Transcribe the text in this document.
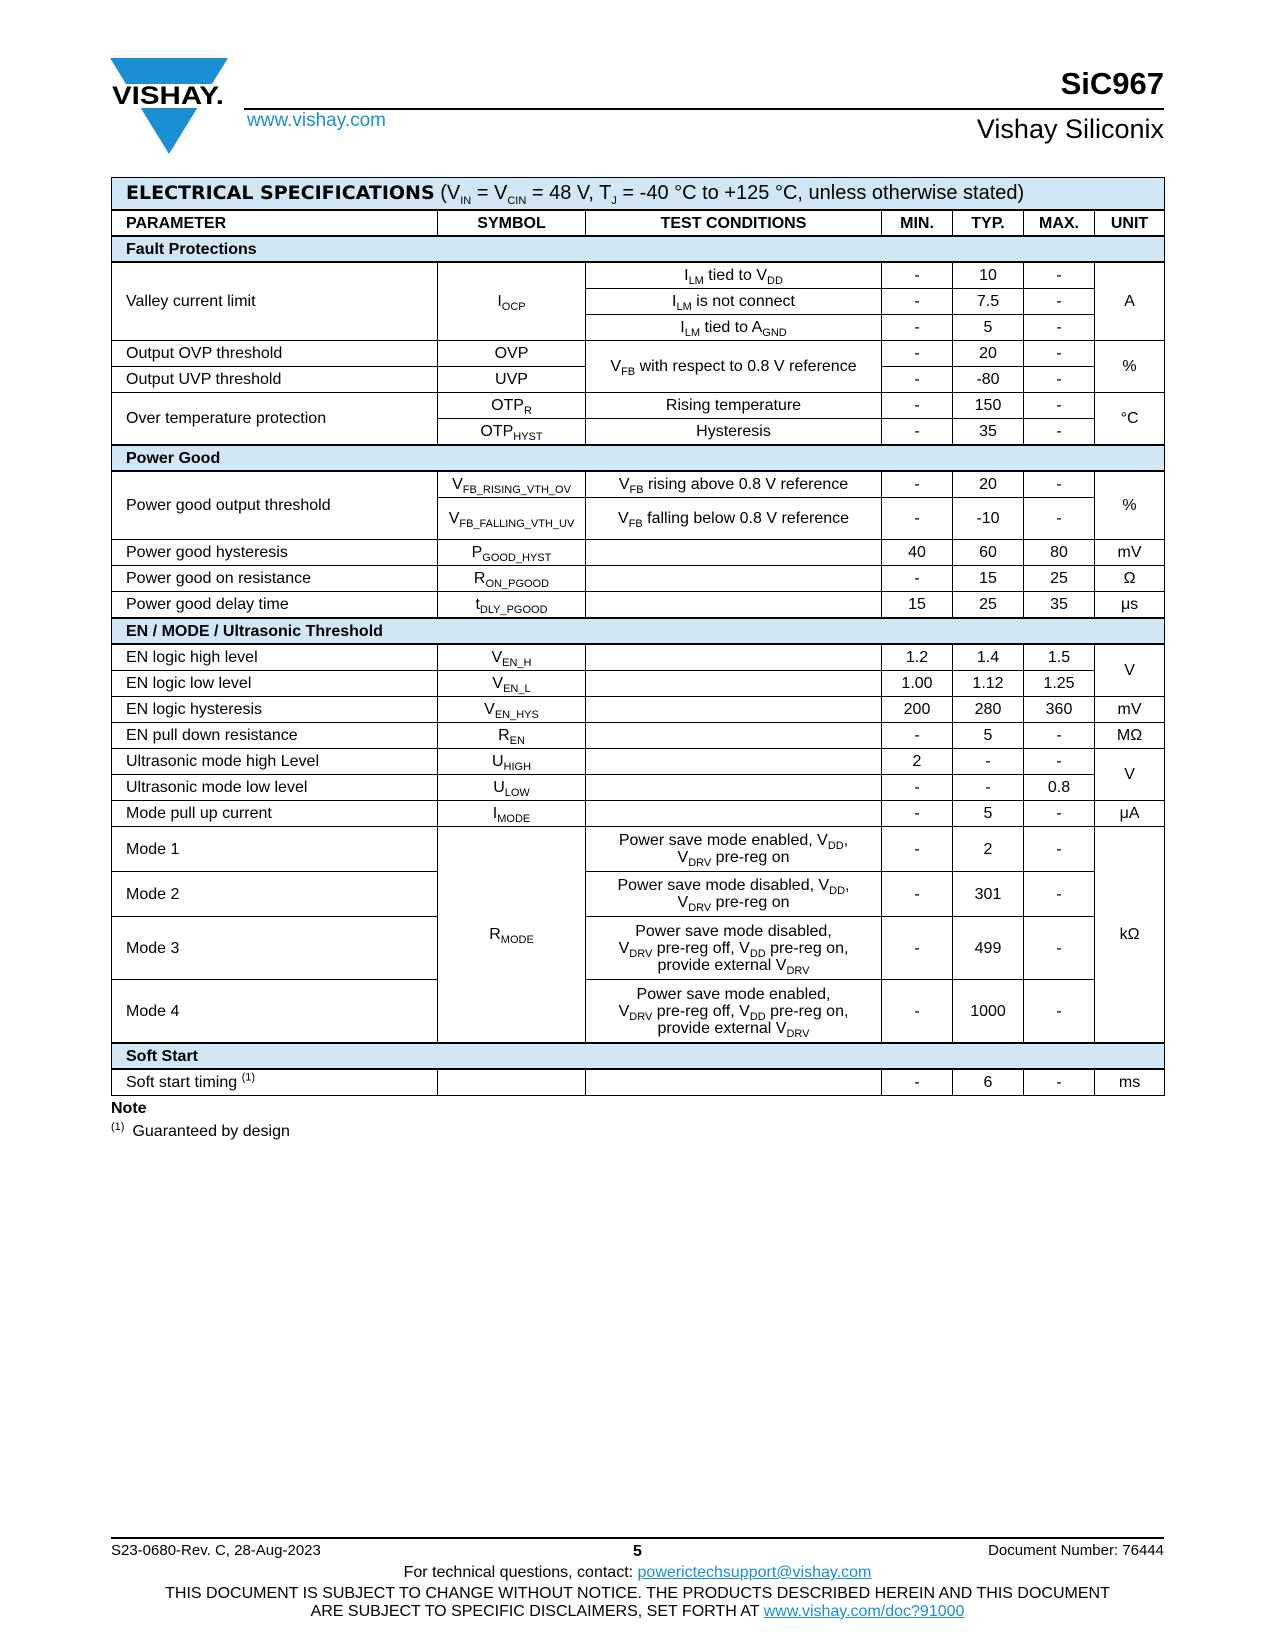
VISHAY.
www.vishay.com
SiC967
Vishay Siliconix
ELECTRICAL SPECIFICATIONS ($V_{IN} = V_{CIN} = 48$ V, $T_J = -40$ °C to +125 °C, unless otherwise stated)						
PARAMETER	SYMBOL	TEST CONDITIONS	MIN.	TYP.	MAX.	UNIT
Fault Protections						
Valley current limit	$I_{OCP}$	$I_{LM}$ tied to $V_{DD}$	-	10	-	A
		$I_{LM}$ is not connect	-	7.5	-	
		$I_{LM}$ tied to $A_{GND}$	-	5	-	
Output OVP threshold	OVP	$V_{FB}$ with respect to 0.8 V reference	-	20	-	%
Output UVP threshold	UVP		-	-80	-	
Over temperature protection	$OTP_R$	Rising temperature	-	150	-	°C
	$OTP_{HYST}$	Hysteresis	-	35	-	
Power Good						
Power good output threshold	$V_{FB\_RISING\_VTH\_OV}$	$V_{FB}$ rising above 0.8 V reference	-	20	-	%
	$V_{FB\_FALLING\_VTH\_UV}$	$V_{FB}$ falling below 0.8 V reference	-	-10	-	
Power good hysteresis	$P_{GOOD\_HYST}$		40	60	80	mV
Power good on resistance	$R_{ON\_PGOOD}$		-	15	25	Ω
Power good delay time	$t_{DLY\_PGOOD}$		15	25	35	μs
EN / MODE / Ultrasonic Threshold						
EN logic high level	$V_{EN\_H}$		1.2	1.4	1.5	V
EN logic low level	$V_{EN\_L}$		1.00	1.12	1.25	
EN logic hysteresis	$V_{EN\_HYS}$		200	280	360	mV
EN pull down resistance	$R_{EN}$		-	5	-	MΩ
Ultrasonic mode high Level	$U_{HIGH}$		2	-	-	V
Ultrasonic mode low level	$U_{LOW}$		-	-	0.8	
Mode pull up current	$I_{MODE}$		-	5	-	μA
Mode 1	$R_{MODE}$	Power save mode enabled, $V_{DD}$,
$V_{DRV}$ pre-reg on	-	2	-	kΩ
Mode 2		Power save mode disabled, $V_{DD}$,
$V_{DRV}$ pre-reg on	-	301	-	
Mode 3		Power save mode disabled,
$V_{DRV}$ pre-reg off, $V_{DD}$ pre-reg on,
provide external $V_{DRV}$	-	499	-	
Mode 4		Power save mode enabled,
$V_{DRV}$ pre-reg off, $V_{DD}$ pre-reg on,
provide external $V_{DRV}$	-	1000	-	
Soft Start						
Soft start timing $^{(1)}$			-	6	-	ms
Note
$^{(1)}$ Guaranteed by design
S23-0680-Rev. C, 28-Aug-2023	5	Document Number: 76444
For technical questions, contact: powerictechsupport@vishay.com
THIS DOCUMENT IS SUBJECT TO CHANGE WITHOUT NOTICE. THE PRODUCTS DESCRIBED HEREIN AND THIS DOCUMENT
ARE SUBJECT TO SPECIFIC DISCLAIMERS, SET FORTH AT www.vishay.com/doc?91000
